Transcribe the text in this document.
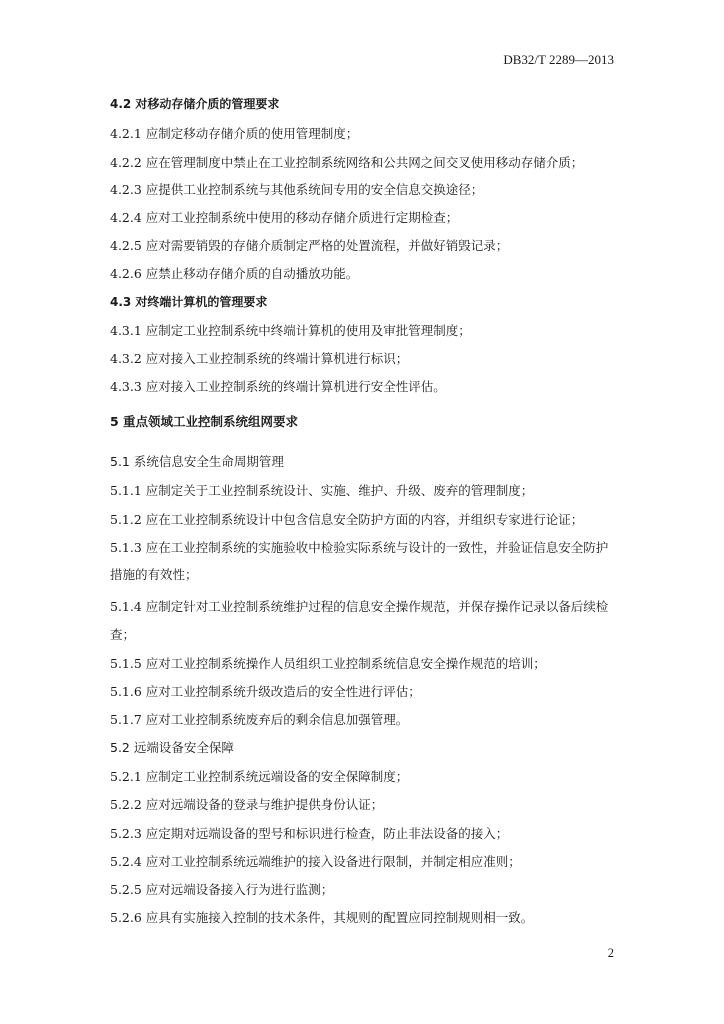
DB32/T 2289—2013
4.2 对移动存储介质的管理要求
4.2.1 应制定移动存储介质的使用管理制度；
4.2.2 应在管理制度中禁止在工业控制系统网络和公共网之间交叉使用移动存储介质；
4.2.3 应提供工业控制系统与其他系统间专用的安全信息交换途径；
4.2.4 应对工业控制系统中使用的移动存储介质进行定期检查；
4.2.5 应对需要销毁的存储介质制定严格的处置流程，并做好销毁记录；
4.2.6 应禁止移动存储介质的自动播放功能。
4.3 对终端计算机的管理要求
4.3.1 应制定工业控制系统中终端计算机的使用及审批管理制度；
4.3.2 应对接入工业控制系统的终端计算机进行标识；
4.3.3 应对接入工业控制系统的终端计算机进行安全性评估。
5 重点领域工业控制系统组网要求
5.1 系统信息安全生命周期管理
5.1.1 应制定关于工业控制系统设计、实施、维护、升级、废弃的管理制度；
5.1.2 应在工业控制系统设计中包含信息安全防护方面的内容，并组织专家进行论证；
5.1.3 应在工业控制系统的实施验收中检验实际系统与设计的一致性，并验证信息安全防护
措施的有效性；
5.1.4 应制定针对工业控制系统维护过程的信息安全操作规范，并保存操作记录以备后续检
查；
5.1.5 应对工业控制系统操作人员组织工业控制系统信息安全操作规范的培训；
5.1.6 应对工业控制系统升级改造后的安全性进行评估；
5.1.7 应对工业控制系统废弃后的剩余信息加强管理。
5.2 远端设备安全保障
5.2.1 应制定工业控制系统远端设备的安全保障制度；
5.2.2 应对远端设备的登录与维护提供身份认证；
5.2.3 应定期对远端设备的型号和标识进行检查，防止非法设备的接入；
5.2.4 应对工业控制系统远端维护的接入设备进行限制，并制定相应准则；
5.2.5 应对远端设备接入行为进行监测；
5.2.6 应具有实施接入控制的技术条件，其规则的配置应同控制规则相一致。
2
